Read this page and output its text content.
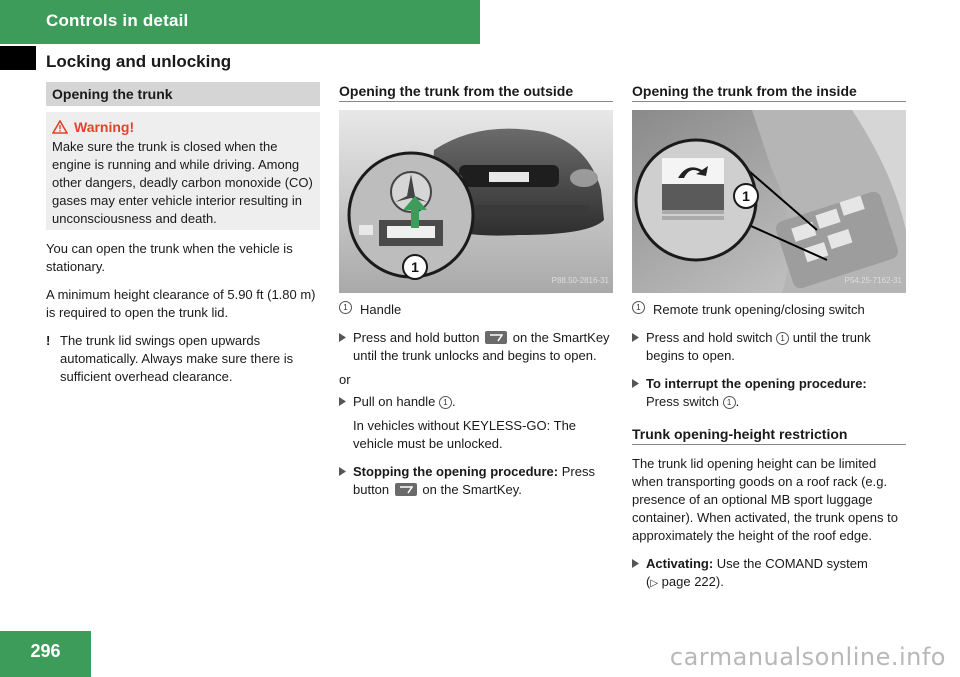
Controls in detail
Locking and unlocking
Opening the trunk
Warning!
Make sure the trunk is closed when the engine is running and while driving. Among other dangers, deadly carbon monoxide (CO) gases may enter vehicle interior resulting in unconsciousness and death.
You can open the trunk when the vehicle is stationary.
A minimum height clearance of 5.90 ft (1.80 m) is required to open the trunk lid.
! The trunk lid swings open upwards automatically. Always make sure there is sufficient overhead clearance.
Opening the trunk from the outside
1
P88.50-2816-31
1 Handle
Press and hold button	on the SmartKey until the trunk unlocks and begins to open.
or
Pull on handle 1 .
In vehicles without KEYLESS-GO: The vehicle must be unlocked.
Stopping the opening procedure: Press button	on the SmartKey.
Opening the trunk from the inside
1
P54.25-7162-31
1 Remote trunk opening/closing switch
Press and hold switch 1 until the trunk begins to open.
To interrupt the opening procedure:
Press switch 1 .
Trunk opening-height restriction
The trunk lid opening height can be limited when transporting goods on a roof rack (e.g. presence of an optional MB sport luggage container). When activated, the trunk opens to approximately the height of the roof edge.
Activating: Use the COMAND system
(▷ page 222).
296	carmanualsonline.info
